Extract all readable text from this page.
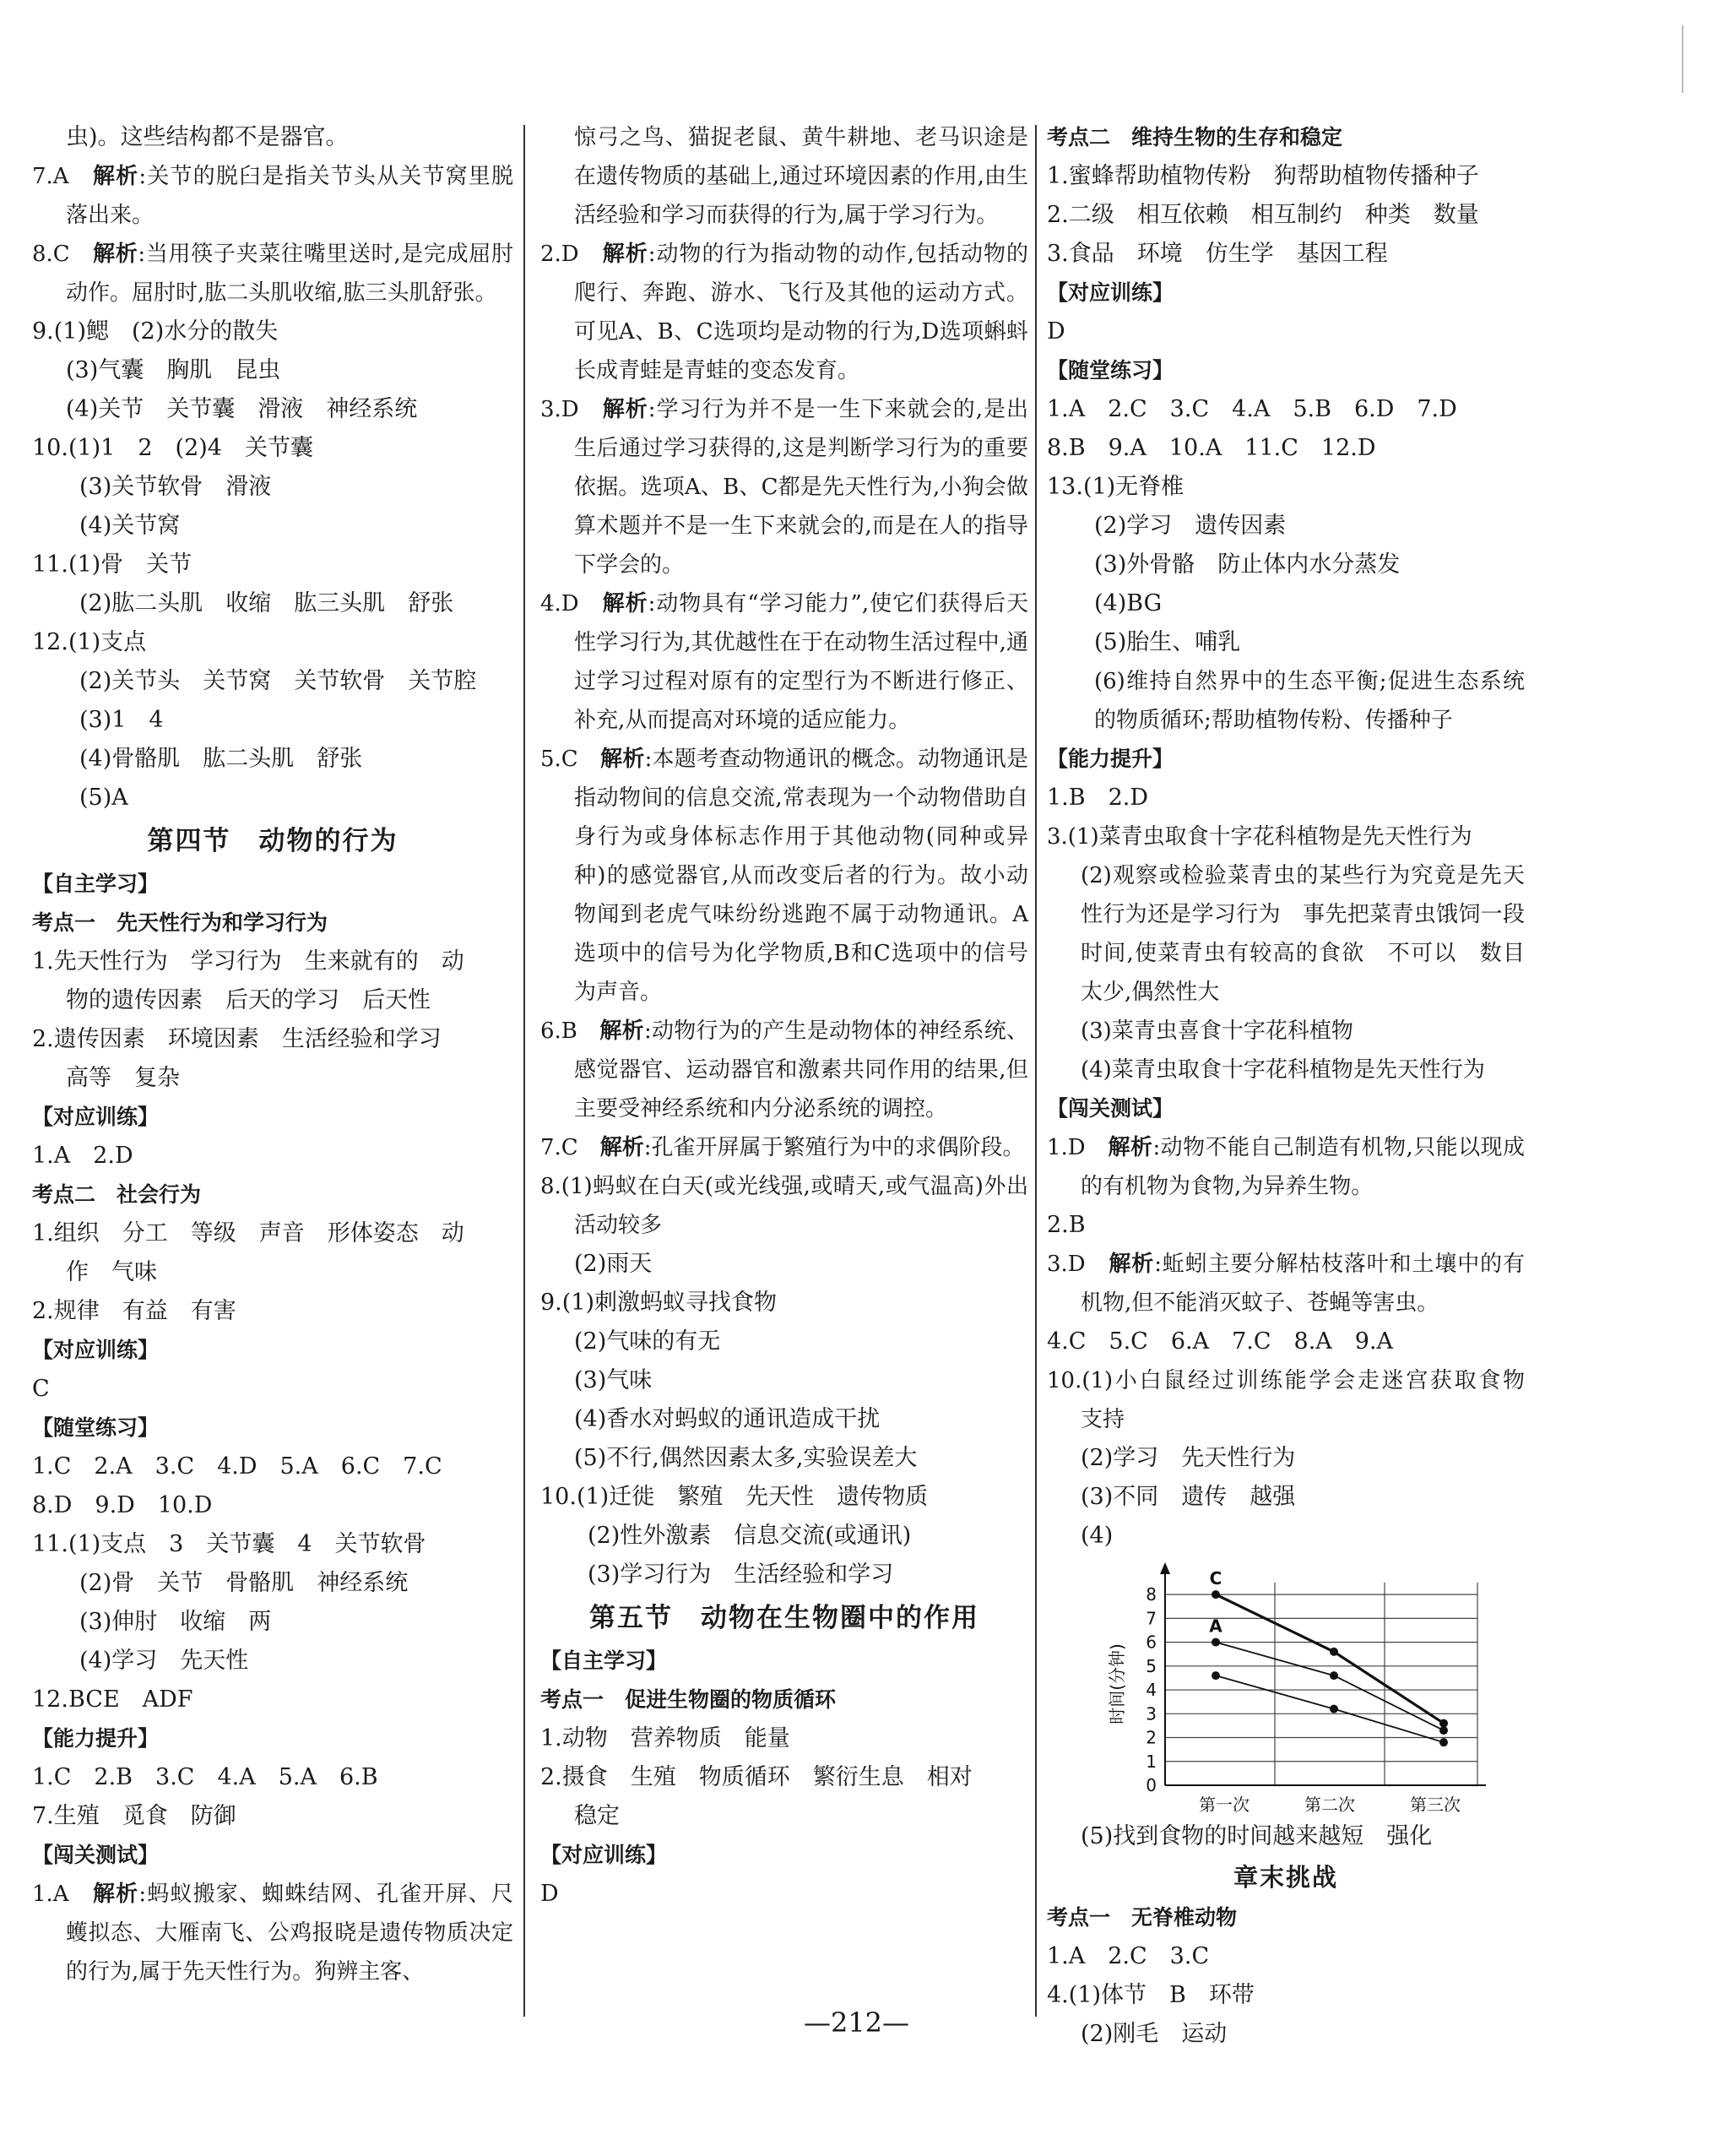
虫)。这些结构都不是器官。
7.A　解析:关节的脱臼是指关节头从关节窝里脱落出来。
8.C　解析:当用筷子夹菜往嘴里送时,是完成屈肘动作。屈肘时,肱二头肌收缩,肱三头肌舒张。
9.(1)鳃　(2)水分的散失
(3)气囊　胸肌　昆虫
(4)关节　关节囊　滑液　神经系统
10.(1)1　2　(2)4　关节囊
(3)关节软骨　滑液
(4)关节窝
11.(1)骨　关节
(2)肱二头肌　收缩　肱三头肌　舒张
12.(1)支点
(2)关节头　关节窝　关节软骨　关节腔
(3)1　4
(4)骨骼肌　肱二头肌　舒张
(5)A
第四节　动物的行为
【自主学习】
考点一　先天性行为和学习行为
1.先天性行为　学习行为　生来就有的　动
物的遗传因素　后天的学习　后天性
2.遗传因素　环境因素　生活经验和学习
高等　复杂
【对应训练】
1.A　2.D
考点二　社会行为
1.组织　分工　等级　声音　形体姿态　动
作　气味
2.规律　有益　有害
【对应训练】
C
【随堂练习】
1.C　2.A　3.C　4.D　5.A　6.C　7.C
8.D　9.D　10.D
11.(1)支点　3　关节囊　4　关节软骨
(2)骨　关节　骨骼肌　神经系统
(3)伸肘　收缩　两
(4)学习　先天性
12.BCE　ADF
【能力提升】
1.C　2.B　3.C　4.A　5.A　6.B
7.生殖　觅食　防御
【闯关测试】
1.A　解析:蚂蚁搬家、蜘蛛结网、孔雀开屏、尺蠖拟态、大雁南飞、公鸡报晓是遗传物质决定的行为,属于先天性行为。狗辨主客、
惊弓之鸟、猫捉老鼠、黄牛耕地、老马识途是在遗传物质的基础上,通过环境因素的作用,由生活经验和学习而获得的行为,属于学习行为。
2.D　解析:动物的行为指动物的动作,包括动物的爬行、奔跑、游水、飞行及其他的运动方式。可见A、B、C选项均是动物的行为,D选项蝌蚪长成青蛙是青蛙的变态发育。
3.D　解析:学习行为并不是一生下来就会的,是出生后通过学习获得的,这是判断学习行为的重要依据。选项A、B、C都是先天性行为,小狗会做算术题并不是一生下来就会的,而是在人的指导下学会的。
4.D　解析:动物具有“学习能力”,使它们获得后天性学习行为,其优越性在于在动物生活过程中,通过学习过程对原有的定型行为不断进行修正、补充,从而提高对环境的适应能力。
5.C　解析:本题考查动物通讯的概念。动物通讯是指动物间的信息交流,常表现为一个动物借助自身行为或身体标志作用于其他动物(同种或异种)的感觉器官,从而改变后者的行为。故小动物闻到老虎气味纷纷逃跑不属于动物通讯。A选项中的信号为化学物质,B和C选项中的信号为声音。
6.B　解析:动物行为的产生是动物体的神经系统、感觉器官、运动器官和激素共同作用的结果,但主要受神经系统和内分泌系统的调控。
7.C　解析:孔雀开屏属于繁殖行为中的求偶阶段。
8.(1)蚂蚁在白天(或光线强,或晴天,或气温高)外出活动较多
(2)雨天
9.(1)刺激蚂蚁寻找食物
(2)气味的有无
(3)气味
(4)香水对蚂蚁的通讯造成干扰
(5)不行,偶然因素太多,实验误差大
10.(1)迁徙　繁殖　先天性　遗传物质
(2)性外激素　信息交流(或通讯)
(3)学习行为　生活经验和学习
第五节　动物在生物圈中的作用
【自主学习】
考点一　促进生物圈的物质循环
1.动物　营养物质　能量
2.摄食　生殖　物质循环　繁衍生息　相对
稳定
【对应训练】
D
考点二　维持生物的生存和稳定
1.蜜蜂帮助植物传粉　狗帮助植物传播种子
2.二级　相互依赖　相互制约　种类　数量
3.食品　环境　仿生学　基因工程
【对应训练】
D
【随堂练习】
1.A　2.C　3.C　4.A　5.B　6.D　7.D
8.B　9.A　10.A　11.C　12.D
13.(1)无脊椎
(2)学习　遗传因素
(3)外骨骼　防止体内水分蒸发
(4)BG
(5)胎生、哺乳
(6)维持自然界中的生态平衡;促进生态系统的物质循环;帮助植物传粉、传播种子
【能力提升】
1.B　2.D
3.(1)菜青虫取食十字花科植物是先天性行为
(2)观察或检验菜青虫的某些行为究竟是先天性行为还是学习行为　事先把菜青虫饿饲一段时间,使菜青虫有较高的食欲　不可以　数目太少,偶然性大
(3)菜青虫喜食十字花科植物
(4)菜青虫取食十字花科植物是先天性行为
【闯关测试】
1.D　解析:动物不能自己制造有机物,只能以现成的有机物为食物,为异养生物。
2.B
3.D　解析:蚯蚓主要分解枯枝落叶和土壤中的有机物,但不能消灭蚊子、苍蝇等害虫。
4.C　5.C　6.A　7.C　8.A　9.A
10.(1)小白鼠经过训练能学会走迷宫获取食物　支持
(2)学习　先天性行为
(3)不同　遗传　越强
(4)
0
1
2
3
4
5
6
7
8
时间(分钟)
第一次	第二次	第三次
C
A
(5)找到食物的时间越来越短　强化
章末挑战
考点一　无脊椎动物
1.A　2.C　3.C
4.(1)体节　B　环带
(2)刚毛　运动
—212—
